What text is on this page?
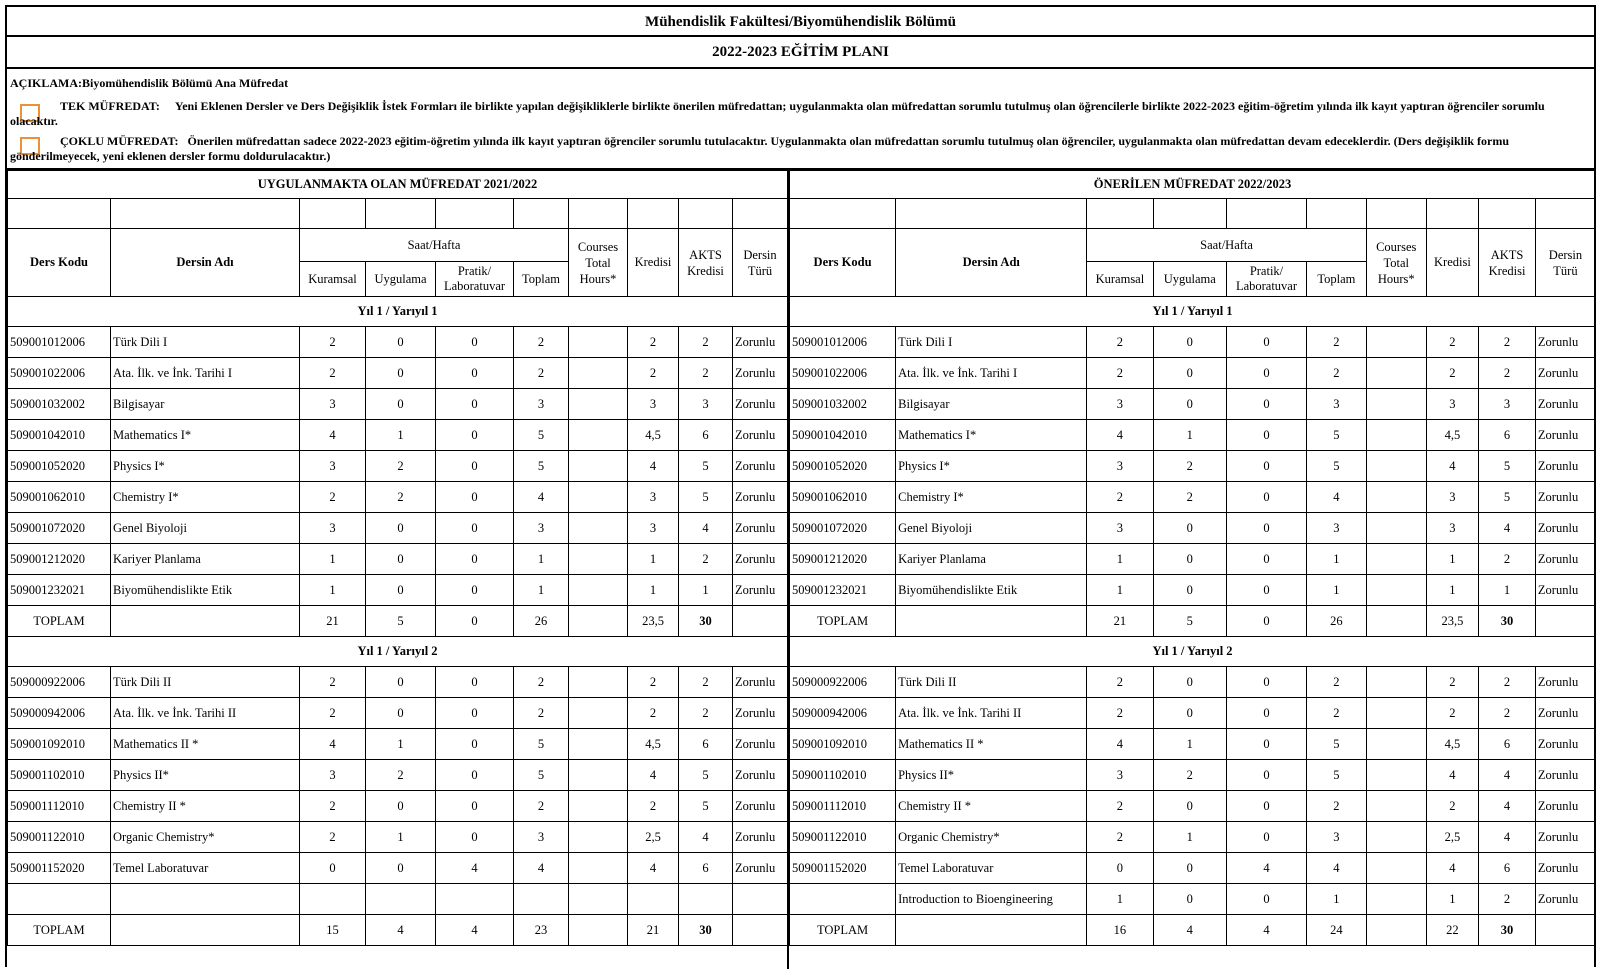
Mühendislik Fakültesi/Biyomühendislik Bölümü
2022-2023 EĞİTİM PLANI
AÇIKLAMA:Biyomühendislik Bölümü Ana Müfredat
TEK MÜFREDAT: Yeni Eklenen Dersler ve Ders Değişiklik İstek Formları ile birlikte yapılan değişikliklerle birlikte önerilen müfredattan; uygulanmakta olan müfredattan sorumlu tutulmuş olan öğrencilerle birlikte 2022-2023 eğitim-öğretim yılında ilk kayıt yaptıran öğrenciler sorumlu olacaktır.
ÇOKLU MÜFREDAT: Önerilen müfredattan sadece 2022-2023 eğitim-öğretim yılında ilk kayıt yaptıran öğrenciler sorumlu tutulacaktır. Uygulanmakta olan müfredattan sorumlu tutulmuş olan öğrenciler, uygulanmakta olan müfredattan devam edeceklerdir. (Ders değişiklik formu gönderilmeyecek, yeni eklenen dersler formu doldurulacaktır.)
UYGULANMAKTA OLAN MÜFREDAT 2021/2022									

Ders Kodu	Dersin Adı	Saat/Hafta				Courses Total Hours*	Kredisi	AKTS Kredisi	Dersin Türü
		Kuramsal	Uygulama	Pratik/ Laboratuvar	Toplam				
Yıl 1 / Yarıyıl 1									
509001012006	Türk Dili I	2	0	0	2		2	2	Zorunlu
509001022006	Ata. İlk. ve İnk. Tarihi I	2	0	0	2		2	2	Zorunlu
509001032002	Bilgisayar	3	0	0	3		3	3	Zorunlu
509001042010	Mathematics I*	4	1	0	5		4,5	6	Zorunlu
509001052020	Physics I*	3	2	0	5		4	5	Zorunlu
509001062010	Chemistry I*	2	2	0	4		3	5	Zorunlu
509001072020	Genel Biyoloji	3	0	0	3		3	4	Zorunlu
509001212020	Kariyer Planlama	1	0	0	1		1	2	Zorunlu
509001232021	Biyomühendislikte Etik	1	0	0	1		1	1	Zorunlu
TOPLAM		21	5	0	26		23,5	30	
Yıl 1 / Yarıyıl 2									
509000922006	Türk Dili II	2	0	0	2		2	2	Zorunlu
509000942006	Ata. İlk. ve İnk. Tarihi II	2	0	0	2		2	2	Zorunlu
509001092010	Mathematics II *	4	1	0	5		4,5	6	Zorunlu
509001102010	Physics II*	3	2	0	5		4	5	Zorunlu
509001112010	Chemistry II *	2	0	0	2		2	5	Zorunlu
509001122010	Organic Chemistry*	2	1	0	3		2,5	4	Zorunlu
509001152020	Temel Laboratuvar	0	0	4	4		4	6	Zorunlu

TOPLAM		15	4	4	23		21	30	
ÖNERİLEN MÜFREDAT 2022/2023									

Ders Kodu	Dersin Adı	Saat/Hafta				Courses Total Hours*	Kredisi	AKTS Kredisi	Dersin Türü
		Kuramsal	Uygulama	Pratik/ Laboratuvar	Toplam				
Yıl 1 / Yarıyıl 1									
509001012006	Türk Dili I	2	0	0	2		2	2	Zorunlu
509001022006	Ata. İlk. ve İnk. Tarihi I	2	0	0	2		2	2	Zorunlu
509001032002	Bilgisayar	3	0	0	3		3	3	Zorunlu
509001042010	Mathematics I*	4	1	0	5		4,5	6	Zorunlu
509001052020	Physics I*	3	2	0	5		4	5	Zorunlu
509001062010	Chemistry I*	2	2	0	4		3	5	Zorunlu
509001072020	Genel Biyoloji	3	0	0	3		3	4	Zorunlu
509001212020	Kariyer Planlama	1	0	0	1		1	2	Zorunlu
509001232021	Biyomühendislikte Etik	1	0	0	1		1	1	Zorunlu
TOPLAM		21	5	0	26		23,5	30	
Yıl 1 / Yarıyıl 2									
509000922006	Türk Dili II	2	0	0	2		2	2	Zorunlu
509000942006	Ata. İlk. ve İnk. Tarihi II	2	0	0	2		2	2	Zorunlu
509001092010	Mathematics II *	4	1	0	5		4,5	6	Zorunlu
509001102010	Physics II*	3	2	0	5		4	4	Zorunlu
509001112010	Chemistry II *	2	0	0	2		2	4	Zorunlu
509001122010	Organic Chemistry*	2	1	0	3		2,5	4	Zorunlu
509001152020	Temel Laboratuvar	0	0	4	4		4	6	Zorunlu
	Introduction to Bioengineering	1	0	0	1		1	2	Zorunlu
TOPLAM		16	4	4	24		22	30	
